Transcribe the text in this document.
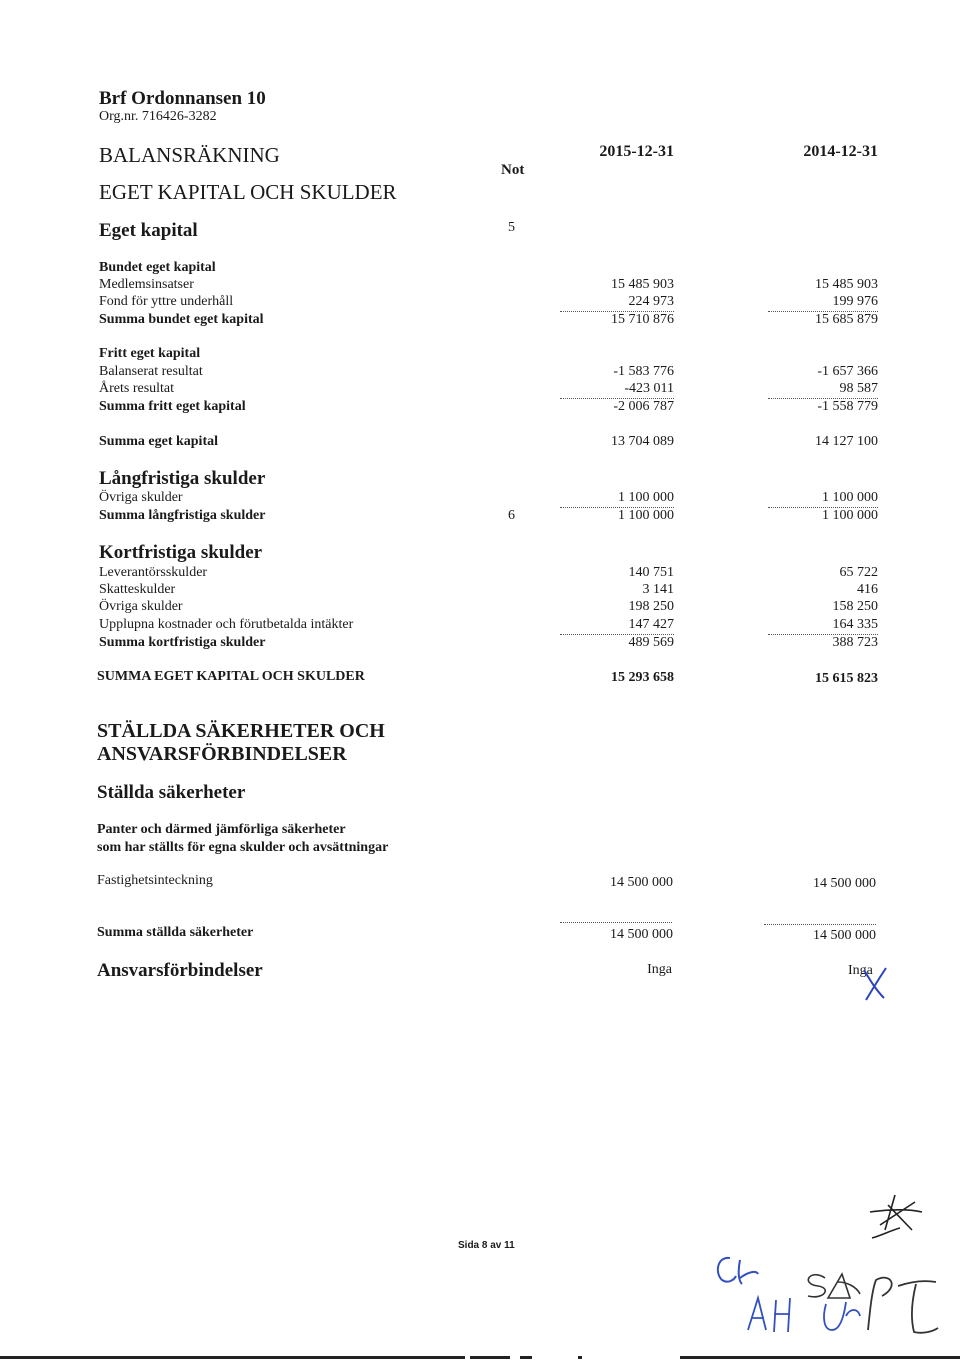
Brf Ordonnansen 10
Org.nr. 716426-3282
BALANSRÄKNING
EGET KAPITAL OCH SKULDER
Not
2015-12-31	2014-12-31
Eget kapital	5
Bundet eget kapital
Medlemsinsatser	15 485 903	15 485 903
Fond för yttre underhåll	224 973	199 976
Summa bundet eget kapital	15 710 876	15 685 879
Fritt eget kapital
Balanserat resultat	-1 583 776	-1 657 366
Årets resultat	-423 011	98 587
Summa fritt eget kapital	-2 006 787	-1 558 779
Summa eget kapital	13 704 089	14 127 100
Långfristiga skulder
Övriga skulder	1 100 000	1 100 000
Summa långfristiga skulder	6	1 100 000	1 100 000
Kortfristiga skulder
Leverantörsskulder	140 751	65 722
Skatteskulder	3 141	416
Övriga skulder	198 250	158 250
Upplupna kostnader och förutbetalda intäkter	147 427	164 335
Summa kortfristiga skulder	489 569	388 723
SUMMA EGET KAPITAL OCH SKULDER	15 293 658	15 615 823
STÄLLDA SÄKERHETER OCH
ANSVARSFÖRBINDELSER
Ställda säkerheter
Panter och därmed jämförliga säkerheter
som har ställts för egna skulder och avsättningar
Fastighetsinteckning	14 500 000	14 500 000
Summa ställda säkerheter	14 500 000	14 500 000
Ansvarsförbindelser	Inga	Inga
Sida 8 av 11
